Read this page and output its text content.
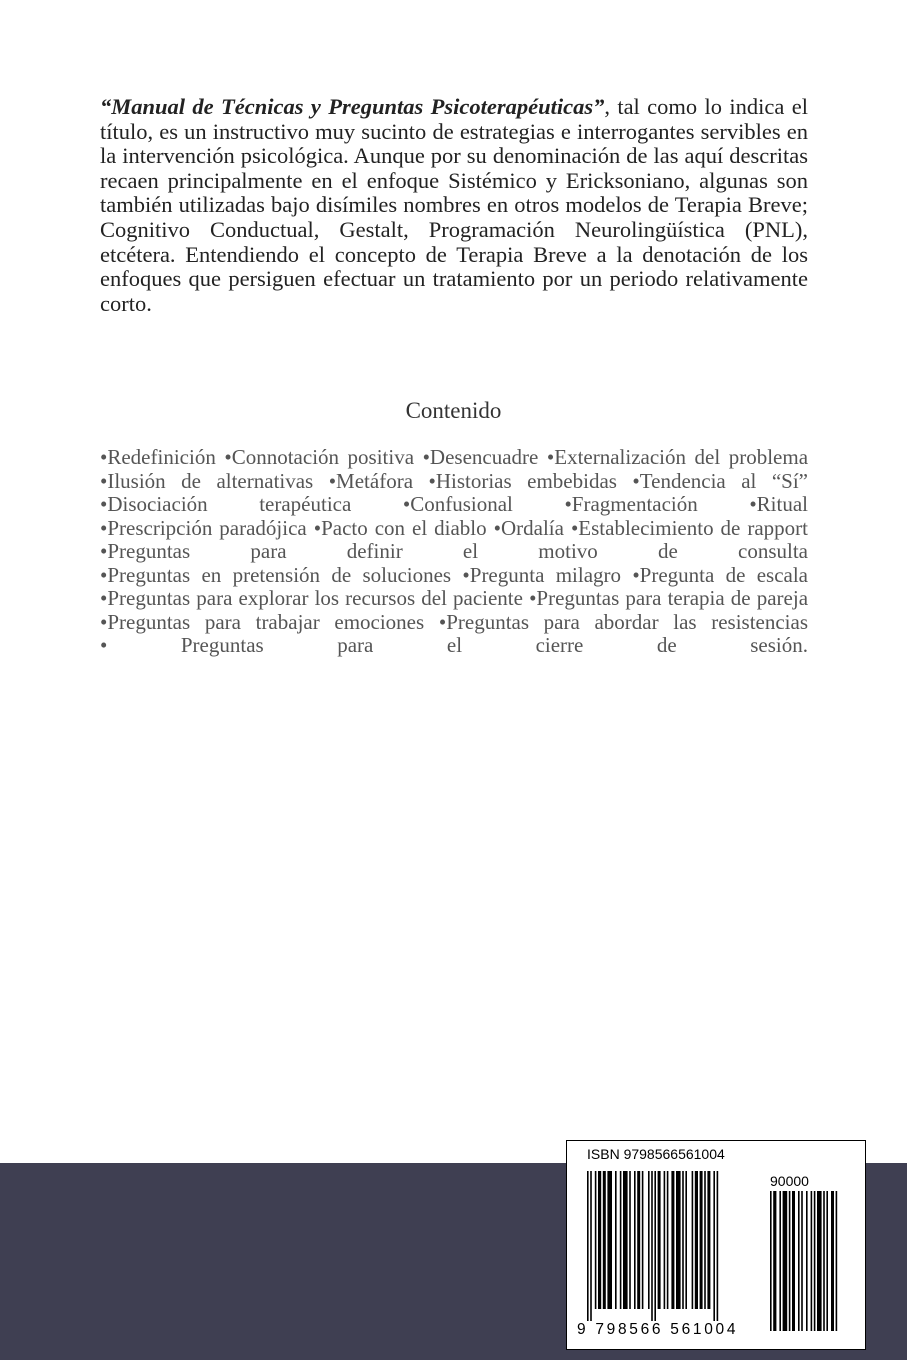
“Manual de Técnicas y Preguntas Psicoterapéuticas”, tal como lo indica el título, es un instructivo muy sucinto de estrategias e interrogantes servibles en la intervención psicológica. Aunque por su denominación de las aquí descritas recaen principalmente en el enfoque Sistémico y Ericksoniano, algunas son también utilizadas bajo disímiles nombres en otros modelos de Terapia Breve; Cognitivo Conductual, Gestalt, Programación Neurolingüística (PNL), etcétera. Entendiendo el concepto de Terapia Breve a la denotación de los enfoques que persiguen efectuar un tratamiento por un periodo relativamente corto.

Contenido

•Redefinición •Connotación positiva •Desencuadre •Externalización del problema •Ilusión de alternativas •Metáfora •Historias embebidas •Tendencia al “Sí” •Disociación terapéutica •Confusional •Fragmentación •Ritual •Prescripción paradójica •Pacto con el diablo •Ordalía •Establecimiento de rapport •Preguntas para definir el motivo de consulta •Preguntas en pretensión de soluciones •Pregunta milagro •Pregunta de escala •Preguntas para explorar los recursos del paciente •Preguntas para terapia de pareja •Preguntas para trabajar emociones •Preguntas para abordar las resistencias • Preguntas para el cierre de sesión.

ISBN 9798566561004
90000
9 798566 561004
